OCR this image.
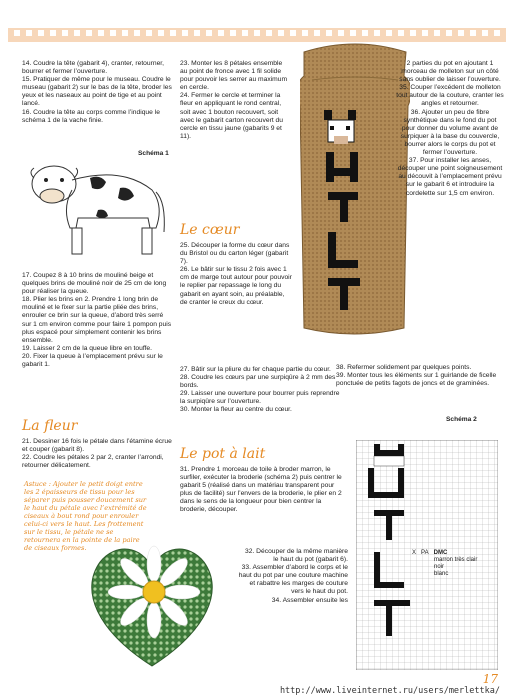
14. Coudre la tête (gabarit 4), cranter, retourner, bourrer et fermer l’ouverture.

15. Pratiquer de même pour le museau. Coudre le museau (gabarit 2) sur le bas de la tête, broder les yeux et les naseaux au point de tige et au point lancé.

16. Coudre la tête au corps comme l’indique le schéma 1 de la vache finie.

Schéma 1

17. Coupez 8 à 10 brins de mouliné beige et quelques brins de mouliné noir de 25 cm de long pour réaliser la queue.

18. Plier les brins en 2. Prendre 1 long brin de mouliné et le fixer sur la partie pliée des brins, enrouler ce brin sur la queue, d’abord très serré sur 1 cm environ comme pour faire 1 pompon puis plus espacé pour simplement contenir les brins ensemble.

19. Laisser 2 cm de la queue libre en touffe.

20. Fixer la queue à l’emplacement prévu sur le gabarit 1.

La fleur

21. Dessiner 16 fois le pétale dans l’étamine écrue et couper (gabarit 8).

22. Coudre les pétales 2 par 2, cranter l’arrondi, retourner délicatement.

Astuce : Ajouter le petit doigt entre les 2 épaisseurs de tissu pour les séparer puis pousser doucement sur le haut du pétale avec l’extrémité de ciseaux à bout rond pour enrouler celui-ci vers le haut. Les frottement sur le tissu, le pétale ne se retournera en la pointe de la paire de ciseaux formes.

23. Monter les 8 pétales ensemble au point de fronce avec 1 fil solide pour pouvoir les serrer au maximum en cercle.

24. Fermer le cercle et terminer la fleur en appliquant le rond central, soit avec 1 bouton recouvert, soit avec le gabarit carton recouvert du cercle en tissu jaune (gabarits 9 et 11).

Le cœur

25. Découper la forme du cœur dans du Bristol ou du carton léger (gabarit 7).

26. Le bâtir sur le tissu 2 fois avec 1 cm de marge tout autour pour pouvoir le replier par repassage le long du gabarit en ayant soin, au préalable, de cranter le creux du cœur.

27. Bâtir sur la pliure du fer chaque partie du cœur.

28. Coudre les cœurs par une surpiqûre à 2 mm des bords.

29. Laisser une ouverture pour bourrer puis reprendre la surpiqûre sur l’ouverture.

30. Monter la fleur au centre du cœur.

Le pot à lait

31. Prendre 1 morceau de toile à broder marron, le surfiler, exécuter la broderie (schéma 2) puis centrer le gabarit 5 (réalisé dans un matériau transparent pour plus de facilité) sur l’envers de la broderie, le plier en 2 dans le sens de la longueur pour bien centrer la broderie, découper.

32. Découper de la même manière le haut du pot (gabarit 6).

33. Assembler d’abord le corps et le haut du pot par une couture machine et rabattre les marges de couture vers le haut du pot.

34. Assembler ensuite les

2 parties du pot en ajoutant 1 morceau de molleton sur un côté sans oublier de laisser l’ouverture.

35. Couper l’excédent de molleton tout autour de la couture, cranter les angles et retourner.

36. Ajouter un peu de fibre synthétique dans le fond du pot pour donner du volume avant de surpiquer à la base du couvercle, bourrer alors le corps du pot et fermer l’ouverture.

37. Pour installer les anses, découper une point soigneusement au découvit à l’emplacement prévu sur le gabarit 6 et introduire la cordelette sur 1,5 cm environ.

38. Refermer solidement par quelques points.

39. Monter tous les éléments sur 1 guirlande de ficelle ponctuée de petits fagots de joncs et de graminées.

Schéma 2
X PA DMC

marron très clair
noir
blanc
17
http://www.liveinternet.ru/users/merlettka/
